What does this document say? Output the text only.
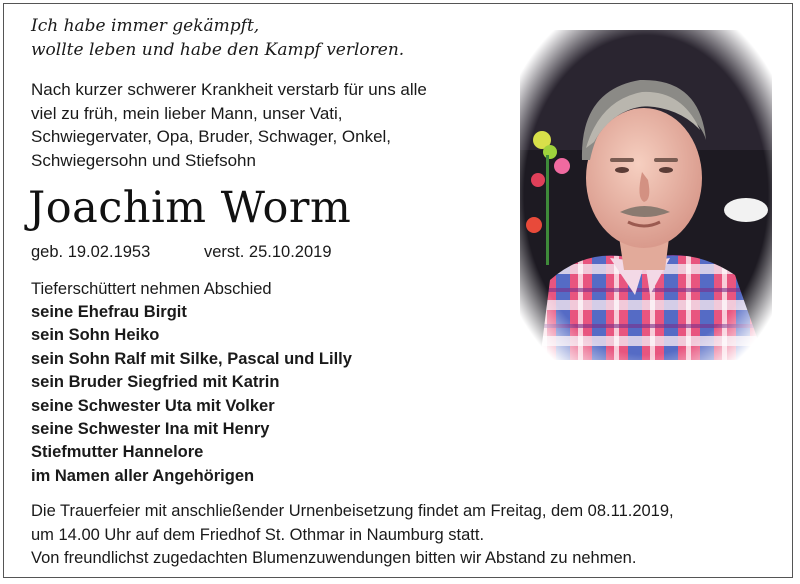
Ich habe immer gekämpft,
wollte leben und habe den Kampf verloren.
Nach kurzer schwerer Krankheit verstarb für uns alle
viel zu früh, mein lieber Mann, unser Vati,
Schwiegervater, Opa, Bruder, Schwager, Onkel,
Schwiegersohn und Stiefsohn
Joachim Worm
geb. 19.02.1953	verst. 25.10.2019
Tieferschüttert nehmen Abschied
seine Ehefrau Birgit
sein Sohn Heiko
sein Sohn Ralf mit Silke, Pascal und Lilly
sein Bruder Siegfried mit Katrin
seine Schwester Uta mit Volker
seine Schwester Ina mit Henry
Stiefmutter Hannelore
im Namen aller Angehörigen
Die Trauerfeier mit anschließender Urnenbeisetzung findet am Freitag, dem 08.11.2019,
um 14.00 Uhr auf dem Friedhof St. Othmar in Naumburg statt.
Von freundlichst zugedachten Blumenzuwendungen bitten wir Abstand zu nehmen.
